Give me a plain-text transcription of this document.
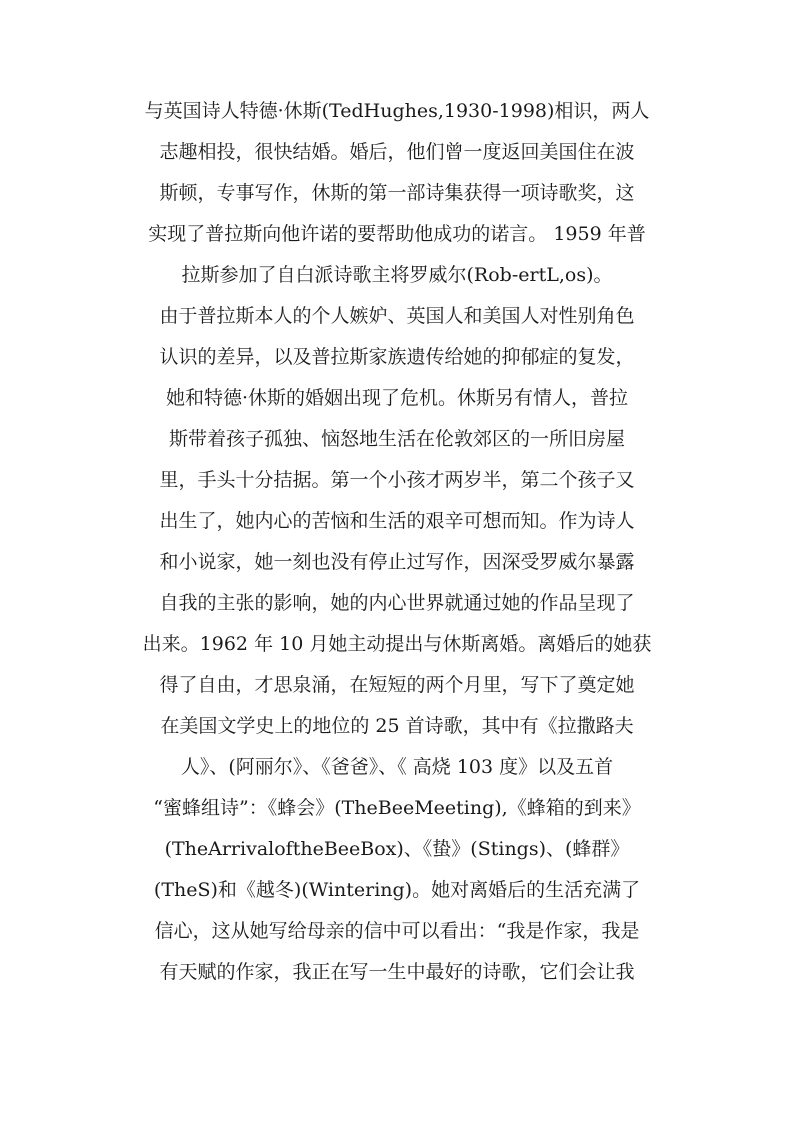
与英国诗人特德·休斯(TedHughes,1930-1998)相识，两人
志趣相投，很快结婚。婚后，他们曾一度返回美国住在波
斯顿，专事写作，休斯的第一部诗集获得一项诗歌奖，这
实现了普拉斯向他许诺的要帮助他成功的诺言。 1959 年普
拉斯参加了自白派诗歌主将罗威尔(Rob-ertL,os)。
由于普拉斯本人的个人嫉妒、英国人和美国人对性别角色
认识的差异，以及普拉斯家族遗传给她的抑郁症的复发，
她和特德·休斯的婚姻出现了危机。休斯另有情人，普拉
斯带着孩子孤独、恼怒地生活在伦敦郊区的一所旧房屋
里，手头十分拮据。第一个小孩才两岁半，第二个孩子又
出生了，她内心的苦恼和生活的艰辛可想而知。作为诗人
和小说家，她一刻也没有停止过写作，因深受罗威尔暴露
自我的主张的影响，她的内心世界就通过她的作品呈现了
出来。1962 年 10 月她主动提出与休斯离婚。离婚后的她获
得了自由，才思泉涌，在短短的两个月里，写下了奠定她
在美国文学史上的地位的 25 首诗歌，其中有《拉撒路夫
人》、(阿丽尔》、《爸爸》、《 高烧 103 度》以及五首
“蜜蜂组诗”：《蜂会》(TheBeeMeeting),《蜂箱的到来》
(TheArrivaloftheBeeBox)、《蛰》(Stings)、(蜂群》
(TheS)和《越冬)(Wintering)。她对离婚后的生活充满了
信心，这从她写给母亲的信中可以看出：“我是作家，我是
有天赋的作家，我正在写一生中最好的诗歌，它们会让我
